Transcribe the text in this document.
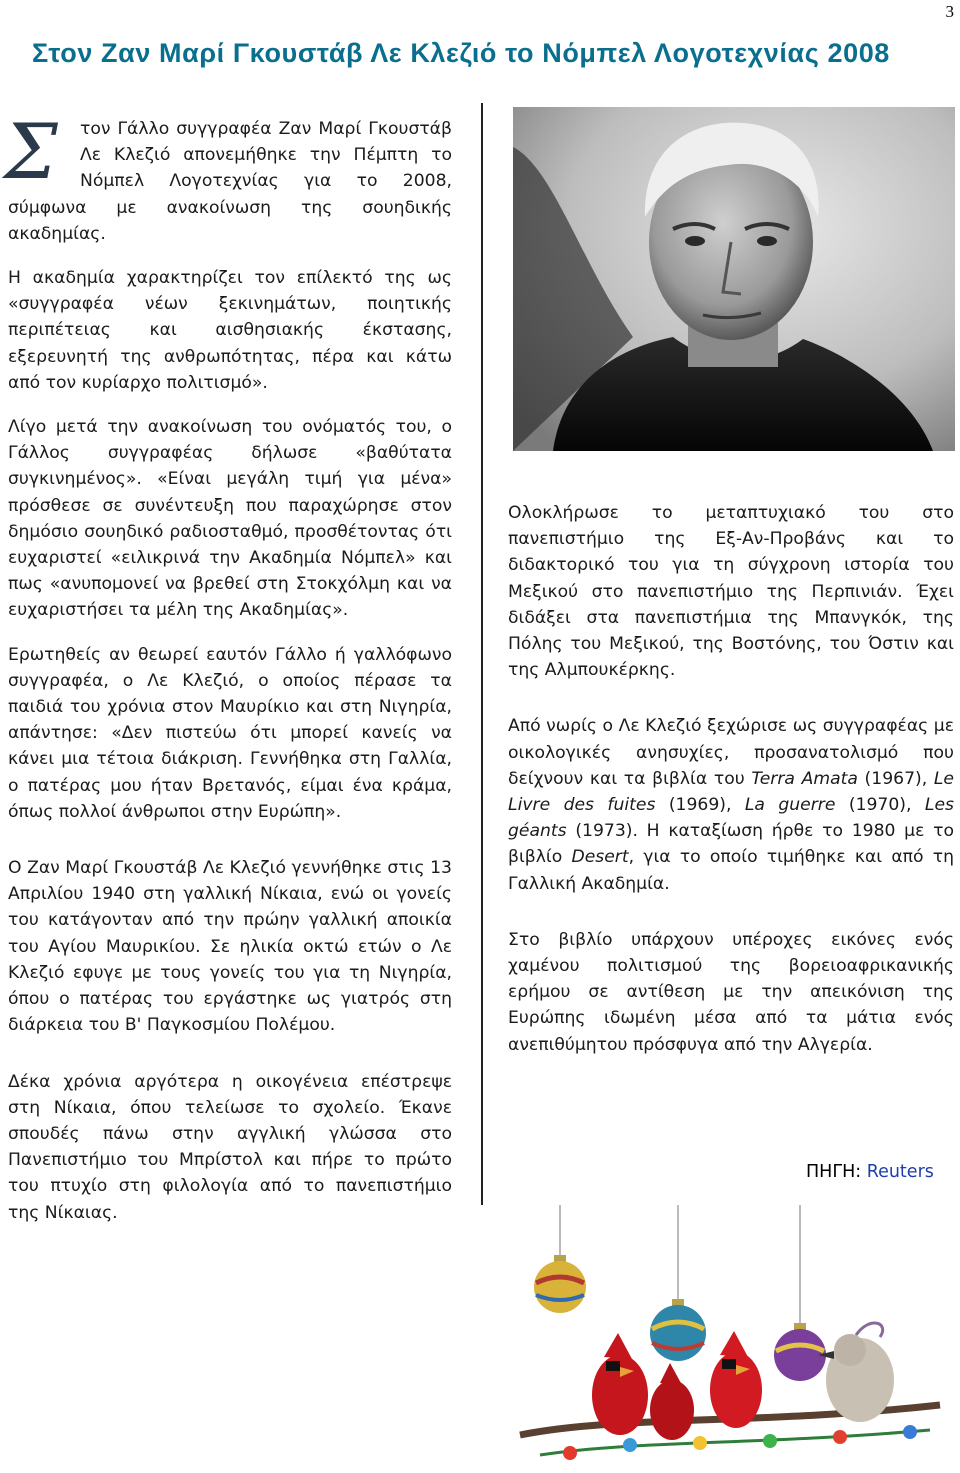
3
Στον Ζαν Μαρί Γκουστάβ Λε Κλεζιό το Νόμπελ Λογοτεχνίας 2008
Σ	τον Γάλλο συγγραφέα Ζαν Μαρί Γκουστάβ Λε Κλεζιό απονεμήθηκε την Πέμπτη το Νόμπελ Λογοτεχνίας για το 2008, σύμφωνα με ανακοίνωση της σουηδικής ακαδημίας.

Η ακαδημία χαρακτηρίζει τον επίλεκτό της ως «συγγραφέα νέων ξεκινημάτων, ποιητικής περιπέτειας και αισθησιακής έκστασης, εξερευνητή της ανθρωπότητας, πέρα και κάτω από τον κυρίαρχο πολιτισμό».

Λίγο μετά την ανακοίνωση του ονόματός του, ο Γάλλος συγγραφέας δήλωσε «βαθύτατα συγκινημένος». «Είναι μεγάλη τιμή για μένα» πρόσθεσε σε συνέντευξη που παραχώρησε στον δημόσιο σουηδικό ραδιοσταθμό, προσθέτοντας ότι ευχαριστεί «ειλικρινά την Ακαδημία Νόμπελ» και πως «ανυπομονεί να βρεθεί στη Στοκχόλμη και να ευχαριστήσει τα μέλη της Ακαδημίας».

Ερωτηθείς αν θεωρεί εαυτόν Γάλλο ή γαλλόφωνο συγγραφέα, ο Λε Κλεζιό, ο οποίος πέρασε τα παιδιά του χρόνια στον Μαυρίκιο και στη Νιγηρία, απάντησε: «Δεν πιστεύω ότι μπορεί κανείς να κάνει μια τέτοια διάκριση. Γεννήθηκα στη Γαλλία, ο πατέρας μου ήταν Βρετανός, είμαι ένα κράμα, όπως πολλοί άνθρωποι στην Ευρώπη».

Ο Ζαν Μαρί Γκουστάβ Λε Κλεζιό γεννήθηκε στις 13 Απριλίου 1940 στη γαλλική Νίκαια, ενώ οι γονείς του κατάγονταν από την πρώην γαλλική αποικία του Αγίου Μαυρικίου. Σε ηλικία οκτώ ετών ο Λε Κλεζιό εφυγε με τους γονείς του για τη Νιγηρία, όπου ο πατέρας του εργάστηκε ως γιατρός στη διάρκεια του Β' Παγκοσμίου Πολέμου.

Δέκα χρόνια αργότερα η οικογένεια επέστρεψε στη Νίκαια, όπου τελείωσε το σχολείο. Έκανε σπουδές πάνω στην αγγλική γλώσσα στο Πανεπιστήμιο του Μπρίστολ και πήρε το πρώτο του πτυχίο στη φιλολογία από το πανεπιστήμιο της Νίκαιας.

Ολοκλήρωσε το μεταπτυχιακό του στο πανεπιστήμιο της Εξ-Αν-Προβάνς και το διδακτορικό του για τη σύγχρονη ιστορία του Μεξικού στο πανεπιστήμιο της Περπινιάν. Έχει διδάξει στα πανεπιστήμια της Μπανγκόκ, της Πόλης του Μεξικού, της Βοστόνης, του Όστιν και της Αλμπουκέρκης.

Από νωρίς ο Λε Κλεζιό ξεχώρισε ως συγγραφέας με οικολογικές ανησυχίες, προσανατολισμό που δείχνουν και τα βιβλία του Terra Amata (1967), Le Livre des fuites (1969), La guerre (1970), Les géants (1973). Η καταξίωση ήρθε το 1980 με το βιβλίο Desert, για το οποίο τιμήθηκε και από τη Γαλλική Ακαδημία.

Στο βιβλίο υπάρχουν υπέροχες εικόνες ενός χαμένου πολιτισμού της βορειοαφρικανικής ερήμου σε αντίθεση με την απεικόνιση της Ευρώπης ιδωμένη μέσα από τα μάτια ενός ανεπιθύμητου πρόσφυγα από την Αλγερία.

ΠΗΓΗ: Reuters
